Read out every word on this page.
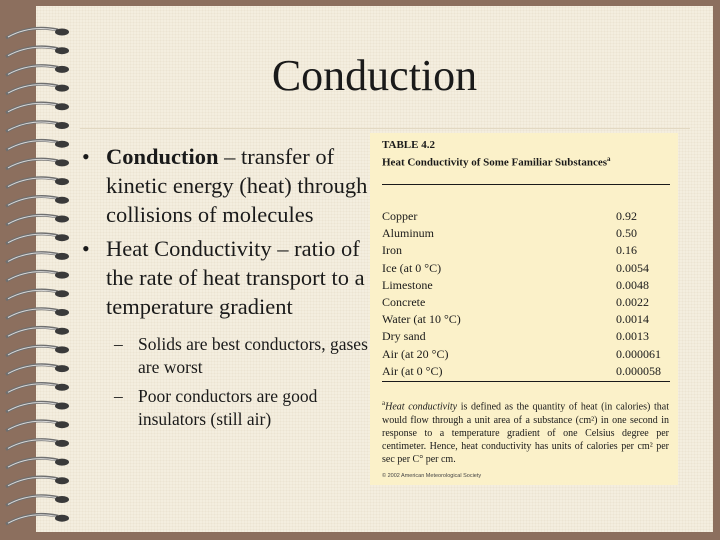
Conduction
• Conduction – transfer of kinetic energy (heat) through collisions of molecules
• Heat Conductivity – ratio of the rate of heat transport to a temperature gradient
– Solids are best conductors, gases are worst
– Poor conductors are good insulators (still air)
TABLE 4.2
Heat Conductivity of Some Familiar Substances$^a$
Copper	0.92
Aluminum	0.50
Iron	0.16
Ice (at 0 °C)	0.0054
Limestone	0.0048
Concrete	0.0022
Water (at 10 °C)	0.0014
Dry sand	0.0013
Air (at 20 °C)	0.000061
Air (at 0 °C)	0.000058
$^a$Heat conductivity is defined as the quantity of heat (in calories) that would flow through a unit area of a substance (cm²) in one second in response to a temperature gradient of one Celsius degree per centimeter. Hence, heat conductivity has units of calories per cm² per sec per C° per cm.
© 2002 American Meteorological Society
